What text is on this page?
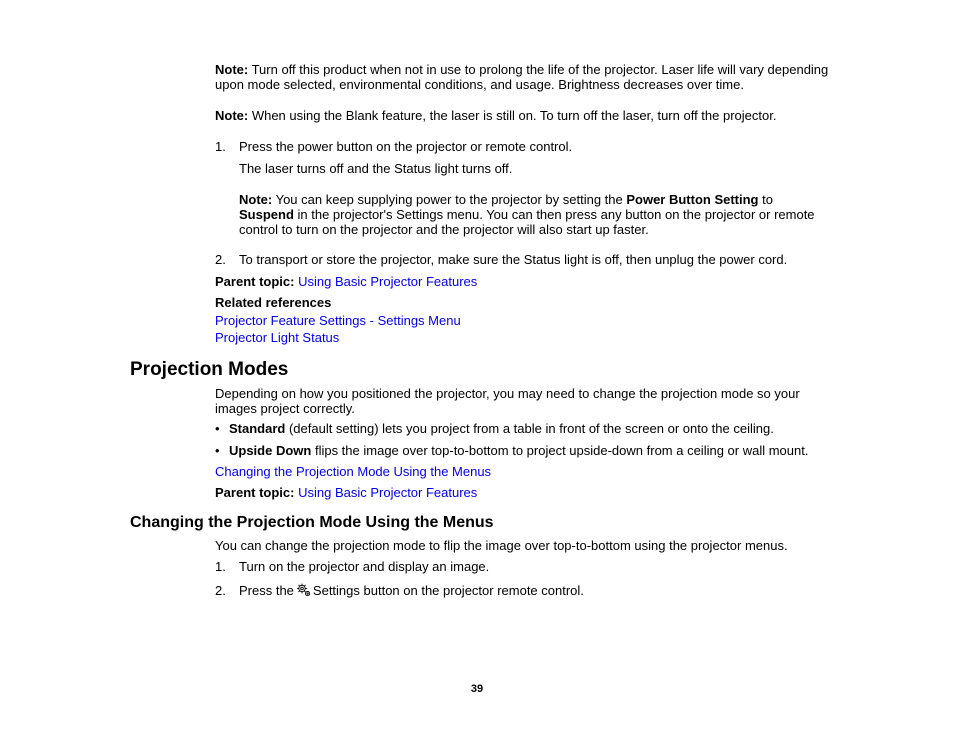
Note: Turn off this product when not in use to prolong the life of the projector. Laser life will vary depending upon mode selected, environmental conditions, and usage. Brightness decreases over time.
Note: When using the Blank feature, the laser is still on. To turn off the laser, turn off the projector.
1. Press the power button on the projector or remote control.
The laser turns off and the Status light turns off.
Note: You can keep supplying power to the projector by setting the Power Button Setting to Suspend in the projector's Settings menu. You can then press any button on the projector or remote control to turn on the projector and the projector will also start up faster.
2. To transport or store the projector, make sure the Status light is off, then unplug the power cord.
Parent topic: Using Basic Projector Features
Related references
Projector Feature Settings - Settings Menu
Projector Light Status
Projection Modes
Depending on how you positioned the projector, you may need to change the projection mode so your images project correctly.
• Standard (default setting) lets you project from a table in front of the screen or onto the ceiling.
• Upside Down flips the image over top-to-bottom to project upside-down from a ceiling or wall mount.
Changing the Projection Mode Using the Menus
Parent topic: Using Basic Projector Features
Changing the Projection Mode Using the Menus
You can change the projection mode to flip the image over top-to-bottom using the projector menus.
1. Turn on the projector and display an image.
2. Press the Settings button on the projector remote control.
39
